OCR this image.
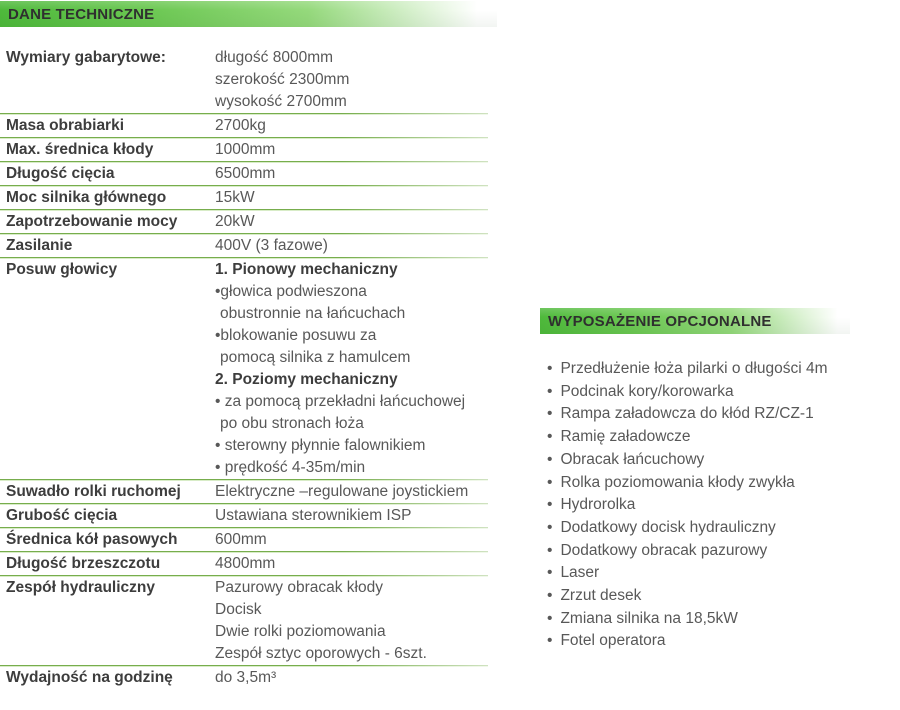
DANE TECHNICZNE
Wymiary gabarytowe:	długość 8000mm
szerokość 2300mm
wysokość 2700mm
Masa obrabiarki	2700kg
Max. średnica kłody	1000mm
Długość cięcia	6500mm
Moc silnika głównego	15kW
Zapotrzebowanie mocy	20kW
Zasilanie	400V (3 fazowe)
Posuw głowicy	1. Pionowy mechaniczny
•głowica podwieszona
obustronnie na łańcuchach
•blokowanie posuwu za
pomocą silnika z hamulcem
2. Poziomy mechaniczny
• za pomocą przekładni łańcuchowej
po obu stronach łoża
• sterowny płynnie falownikiem
• prędkość 4-35m/min
Suwadło rolki ruchomej	Elektryczne –regulowane joystickiem
Grubość cięcia	Ustawiana sterownikiem ISP
Średnica kół pasowych	600mm
Długość brzeszczotu	4800mm
Zespół hydrauliczny	Pazurowy obracak kłody
Docisk
Dwie rolki poziomowania
Zespół sztyc oporowych - 6szt.
Wydajność na godzinę	do 3,5m³
WYPOSAŻENIE OPCJONALNE
• Przedłużenie łoża pilarki o długości 4m
• Podcinak kory/korowarka
• Rampa załadowcza do kłód RZ/CZ-1
• Ramię załadowcze
• Obracak łańcuchowy
• Rolka poziomowania kłody zwykła
• Hydrorolka
• Dodatkowy docisk hydrauliczny
• Dodatkowy obracak pazurowy
• Laser
• Zrzut desek
• Zmiana silnika na 18,5kW
• Fotel operatora
